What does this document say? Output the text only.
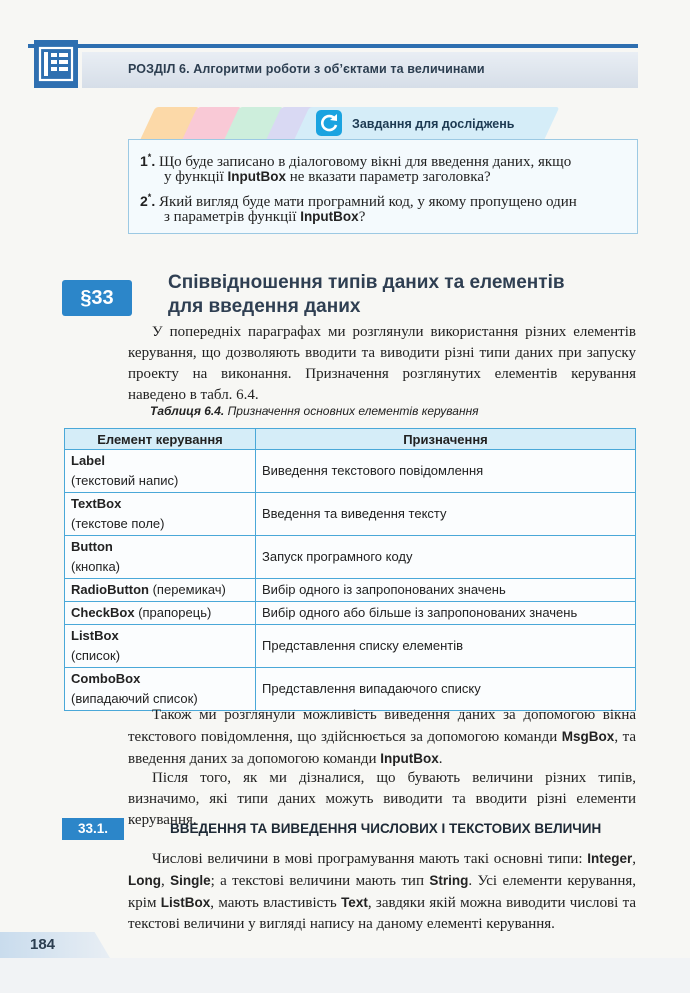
РОЗДІЛ 6. Алгоритми роботи з об’єктами та величинами
Завдання для досліджень
1*. Що буде записано в діалоговому вікні для введення даних, якщо
у функції InputBox не вказати параметр заголовка?
2*. Який вигляд буде мати програмний код, у якому пропущено один
з параметрів функції InputBox?
§33
Співвідношення типів даних та елементів
для введення даних
У попередніх параграфах ми розглянули використання різних елементів керування, що дозволяють вводити та виводити різні типи даних при запуску проекту на виконання. Призначення розглянутих елементів керування наведено в табл. 6.4.
Таблиця 6.4. Призначення основних елементів керування
Елемент керування	Призначення
Label
(текстовий напис)	Виведення текстового повідомлення
TextBox
(текстове поле)	Введення та виведення тексту
Button
(кнопка)	Запуск програмного коду
RadioButton (перемикач)	Вибір одного із запропонованих значень
CheckBox (прапорець)	Вибір одного або більше із запропонованих значень
ListBox
(список)	Представлення списку елементів
ComboBox
(випадаючий список)	Представлення випадаючого списку
Також ми розглянули можливість виведення даних за допомогою вікна текстового повідомлення, що здійснюється за допомогою команди MsgBox, та введення даних за допомогою команди InputBox.
Після того, як ми дізналися, що бувають величини різних типів, визначимо, які типи даних можуть виводити та вводити різні елементи керування.
33.1.	ВВЕДЕННЯ ТА ВИВЕДЕННЯ ЧИСЛОВИХ І ТЕКСТОВИХ ВЕЛИЧИН
Числові величини в мові програмування мають такі основні типи: Integer, Long, Single; а текстові величини мають тип String. Усі елементи керування, крім ListBox, мають властивість Text, завдяки якій можна виводити числові та текстові величини у вигляді напису на даному елементі керування.
184
